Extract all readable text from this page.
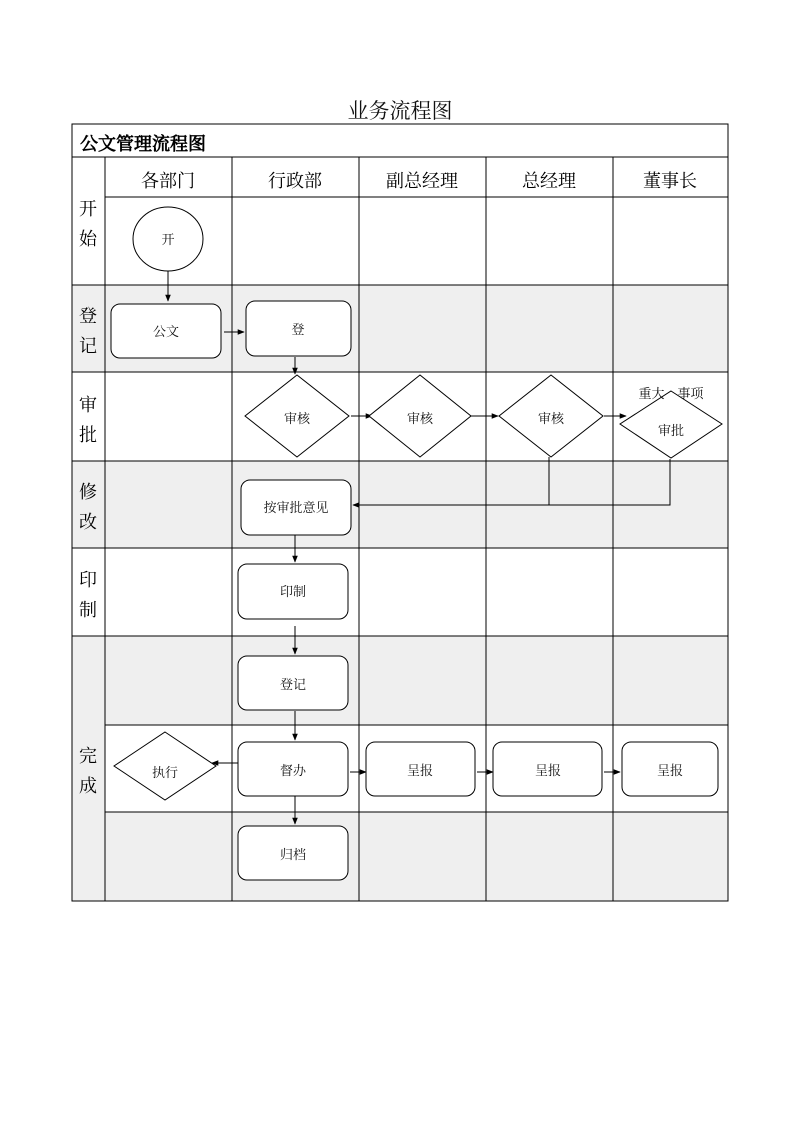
业务流程图
公文管理流程图
各部门	行政部	副总经理	总经理	董事长
开始
登记
审批
修改
印制
完成
开
公文	登
审核	审核	审核
审批
重大　事项
按审批意见
印制
登记
督办
执行	呈报	呈报	呈报
归档
